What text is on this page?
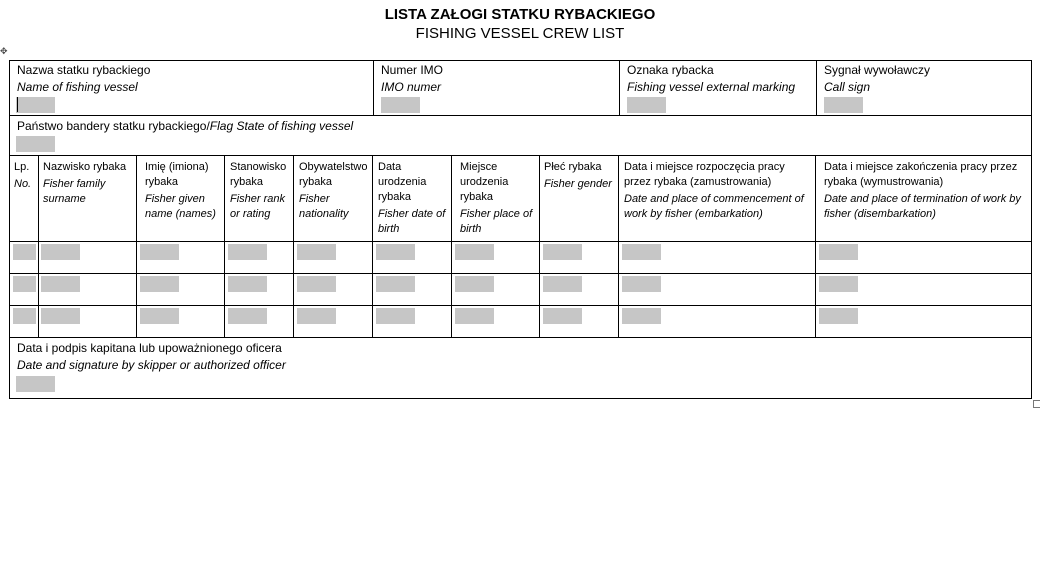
LISTA ZAŁOGI STATKU RYBACKIEGO
FISHING VESSEL CREW LIST
✥
Nazwa statku rybackiego
Name of fishing vessel
Numer IMO
IMO numer
Oznaka rybacka
Fishing vessel external marking
Sygnał wywoławczy
Call sign
Państwo bandery statku rybackiego/Flag State of fishing vessel
Lp.
No.
Nazwisko rybaka
Fisher family surname
Imię (imiona) rybaka
Fisher given name (names)
Stanowisko rybaka
Fisher rank or rating
Obywatelstwo rybaka
Fisher nationality
Data urodzenia rybaka
Fisher date of birth
Miejsce urodzenia rybaka
Fisher place of birth
Płeć rybaka
Fisher gender
Data i miejsce rozpoczęcia pracy przez rybaka (zamustrowania)
Date and place of commencement of work by fisher (embarkation)
Data i miejsce zakończenia pracy przez rybaka (wymustrowania)
Date and place of termination of work by fisher (disembarkation)
Data i podpis kapitana lub upoważnionego oficera
Date and signature by skipper or authorized officer
